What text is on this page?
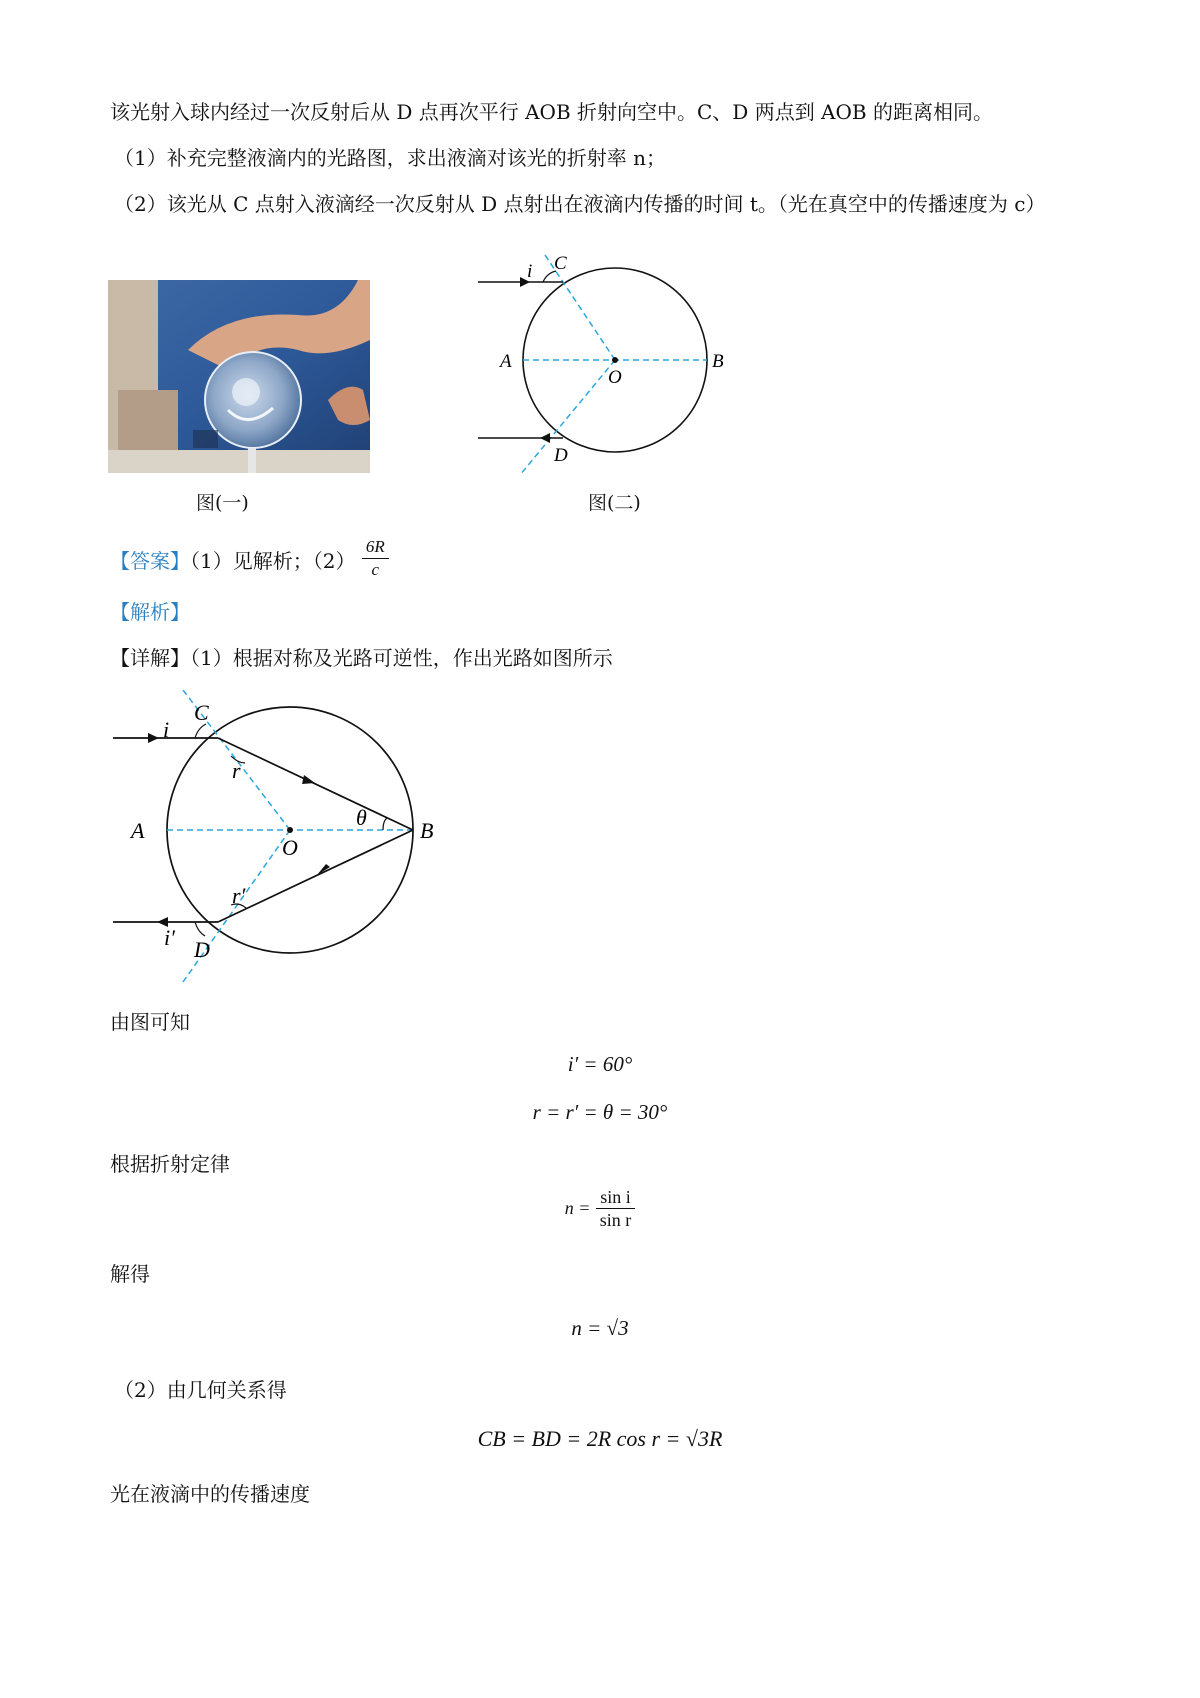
该光射入球内经过一次反射后从 D 点再次平行 AOB 折射向空中。C、D 两点到 AOB 的距离相同。
（1）补充完整液滴内的光路图，求出液滴对该光的折射率 n；
（2）该光从 C 点射入液滴经一次反射从 D 点射出在液滴内传播的时间 t。（光在真空中的传播速度为 c）
图(一)
i C
A
O
B
D
图(二)
【答案】（1）见解析；$(2) \frac{6R}{c}$
【解析】
【详解】（1）根据对称及光路可逆性，作出光路如图所示
i
C
r
θ
A
O
B
r′
i′ D
由图可知
i′ = 60°
r = r′ = θ = 30°
根据折射定律
$n = \frac{\text{sin i}}{\text{sin r}}$
解得
n = √3
（2）由几何关系得
CB = BD = 2R cos r = √3R
光在液滴中的传播速度
